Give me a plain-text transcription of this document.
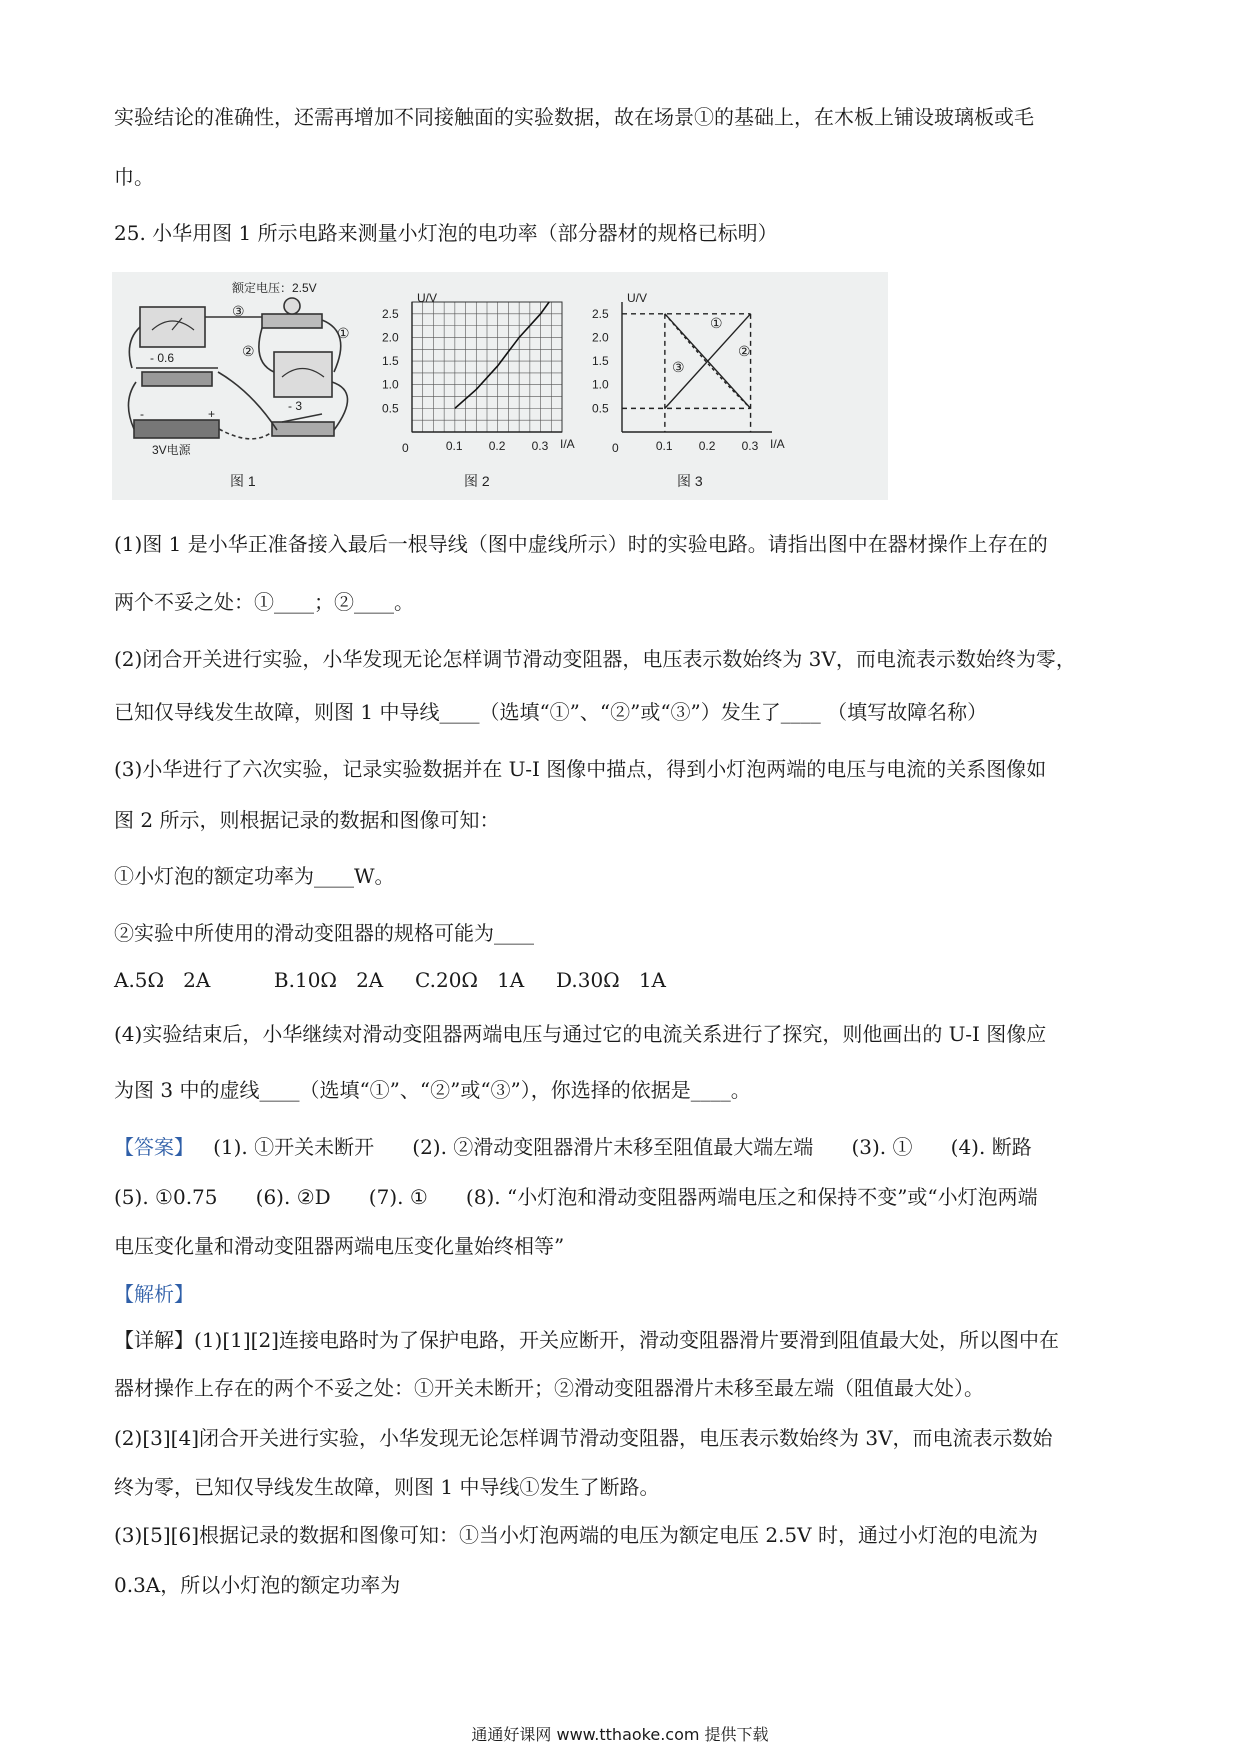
实验结论的准确性，还需再增加不同接触面的实验数据，故在场景①的基础上，在木板上铺设玻璃板或毛
巾。
25. 小华用图 1 所示电路来测量小灯泡的电功率（部分器材的规格已标明）
额定电压：2.5V
③
②
①
- 0.6
- 3
3V电源
+
-
图 1
2.5
2.0
1.5
1.0
0.5
0.1 0.2 0.3
U/V
I/A
0
图 2
2.5
2.0
1.5
1.0
0.5
0.1 0.2 0.3
U/V
I/A
0
①
②
③
图 3
(1)图 1 是小华正准备接入最后一根导线（图中虚线所示）时的实验电路。请指出图中在器材操作上存在的
两个不妥之处：①____；②____。
(2)闭合开关进行实验，小华发现无论怎样调节滑动变阻器，电压表示数始终为 3V，而电流表示数始终为零，
已知仅导线发生故障，则图 1 中导线____（选填“①”、“②”或“③”）发生了____ （填写故障名称）
(3)小华进行了六次实验，记录实验数据并在 U-I 图像中描点，得到小灯泡两端的电压与电流的关系图像如
图 2 所示，则根据记录的数据和图像可知：
①小灯泡的额定功率为____W。
②实验中所使用的滑动变阻器的规格可能为____
A.5Ω   2A          B.10Ω   2A     C.20Ω   1A     D.30Ω   1A
(4)实验结束后，小华继续对滑动变阻器两端电压与通过它的电流关系进行了探究，则他画出的 U-I 图像应
为图 3 中的虚线____（选填“①”、“②”或“③”），你选择的依据是____。
【答案】 (1). ①开关未断开      (2). ②滑动变阻器滑片未移至阻值最大端左端      (3). ①      (4). 断路
(5). ①0.75      (6). ②D      (7). ①      (8). “小灯泡和滑动变阻器两端电压之和保持不变”或“小灯泡两端
电压变化量和滑动变阻器两端电压变化量始终相等”
【解析】
【详解】(1)[1][2]连接电路时为了保护电路，开关应断开，滑动变阻器滑片要滑到阻值最大处，所以图中在
器材操作上存在的两个不妥之处：①开关未断开；②滑动变阻器滑片未移至最左端（阻值最大处）。
(2)[3][4]闭合开关进行实验，小华发现无论怎样调节滑动变阻器，电压表示数始终为 3V，而电流表示数始
终为零，已知仅导线发生故障，则图 1 中导线①发生了断路。
(3)[5][6]根据记录的数据和图像可知：①当小灯泡两端的电压为额定电压 2.5V 时，通过小灯泡的电流为
0.3A，所以小灯泡的额定功率为
通通好课网 www.tthaoke.com 提供下载
